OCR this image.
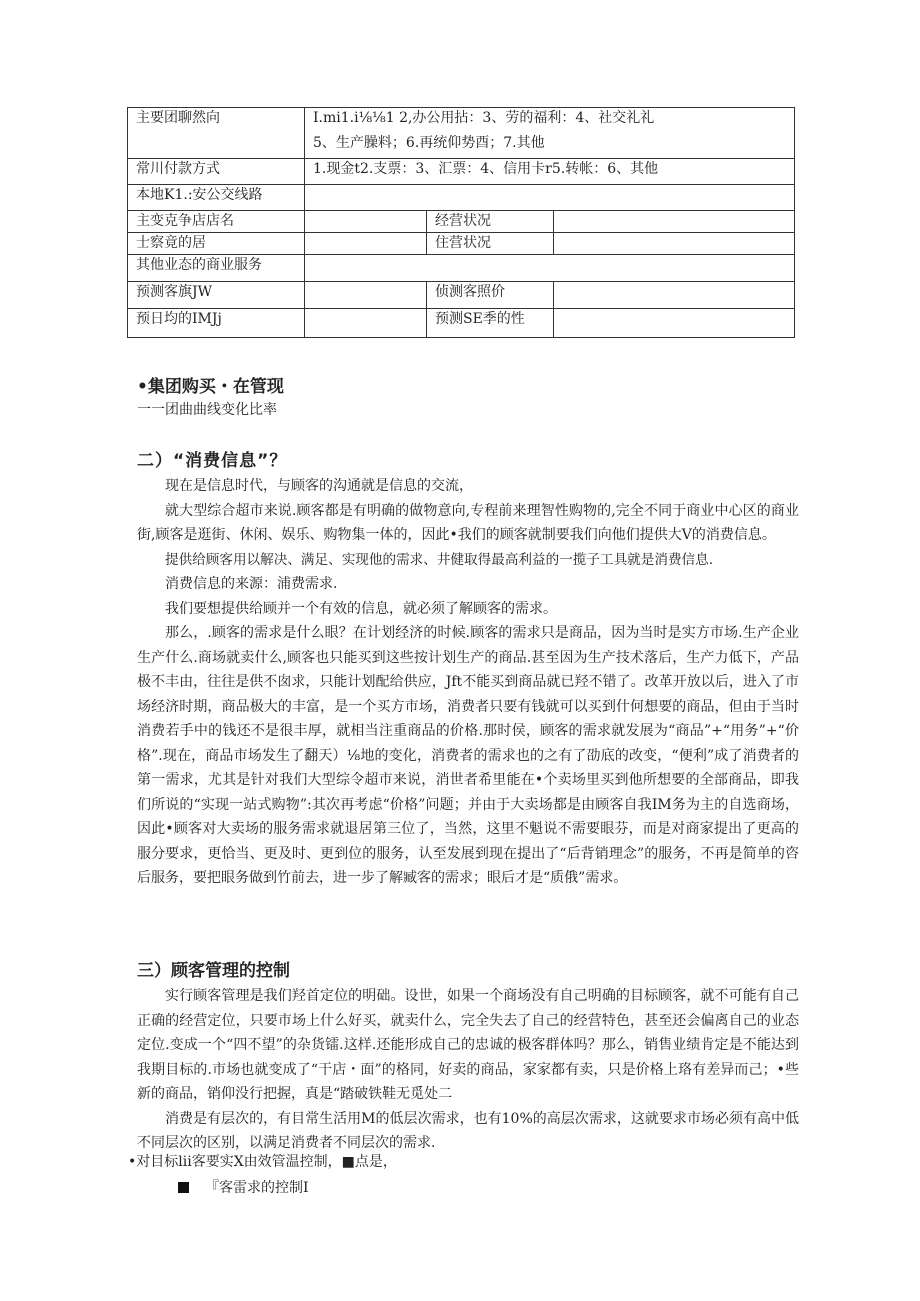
主要团聊然向	I.mi1.i⅛⅛1 2,办公用拈：3、劳的福利：4、社交礼礼
5、生产臊料；6.再统仰势酉；7.其他		

常川付款方式	1.现金t2.支票：3、汇票：4、信用卡r5.转帐：6、其他		
本地K1.:安公交线路			
主变克争店店名		经营状况	
士察竟的居		住营状况	
其他业态的商业服务			
预测客旗JW		侦测客照价	
预日均的IMJj		预测SE季的性	
•集团购买・在管现
一一团曲曲线变化比率
二）“消费信息”？

现在是信息时代，与顾客的沟通就是信息的交流，

就大型综合超市来说.顾客都是有明确的做物意向,专程前来理智性购物的,完全不同于商业中心区的商业街,顾客是逛街、休闲、娱乐、购物集一体的，因此•我们的顾客就制要我们向他们提供大V的消费信息。

提供给顾客用以解决、满足、实现他的需求、井健取得最高利益的一揽子工具就是消费信息.

消费信息的来源：浦费需求.

我们要想提供给顾并一个有效的信息，就必须了解顾客的需求。

那么，.顾客的需求是什么眼？在计划经济的时候.顾客的需求只是商品，因为当时是实方市场.生产企业生产什么.商场就卖什么,顾客也只能买到这些按计划生产的商品.甚至因为生产技术落后，生产力低下，产品极不丰由，往往是供不囱求，只能计划配给供应，Jft不能买到商品就已羟不错了。改革开放以后，进入了市场经济时期，商品极大的丰富，是一个买方市场，消费者只要有钱就可以买到什何想要的商品，但由于当时消费若手中的钱还不是很丰厚，就相当注重商品的价格.那时侯，顾客的需求就发展为“商品”+“用务”+“价格”.现在，商品市场发生了翻天）⅛地的变化，消费者的需求也的之有了劭底的改变，“便利”成了消费者的第一需求，尤其是针对我们大型综令超市来说，消世者希里能在•个卖场里买到他所想要的全部商品，即我们所说的“实现一站式购物”:其次再考虑“价格”问题；并由于大卖场都是由顾客自我IM务为主的自选商场，因此•顾客对大卖场的服务需求就退居第三位了，当然，这里不魁说不需要眼芬，而是对商家提出了更高的服分要求，更恰当、更及时、更到位的服务，认至发展到现在提出了“后背销理念”的服务，不再是简单的咨后服务，要把眼务做到竹前去，进一步了解臧客的需求；眼后才是“质俄”需求。

三）顾客管理的控制

实行顾客管理是我们羟首定位的明础。设世，如果一个商场没有自己明确的目标顾客，就不可能有自己正确的经营定位，只要市场上什么好买，就卖什么，完全失去了自己的经营特色，甚至还会偏离自己的业态定位.变成一个“四不望”的杂货镭.这样.还能形成自己的忠诚的极客群体吗？那么，销售业绩肯定是不能达到我期目标的.市场也就变成了“干店・面”的格同，好卖的商品，家家都有卖，只是价格上珞有差异而己；•些新的商品，销仰没行把握，真是“踏破铁鞋无觅处二

消费是有层次的，有目常生活用M的低层次需求，也有10%的高层次需求，这就要求市场必须有高中低不同层次的区别，以满足消费者不同层次的需求.

•对目标lii客要实X由效管温控制，■点是，
『客雷求的控制I
